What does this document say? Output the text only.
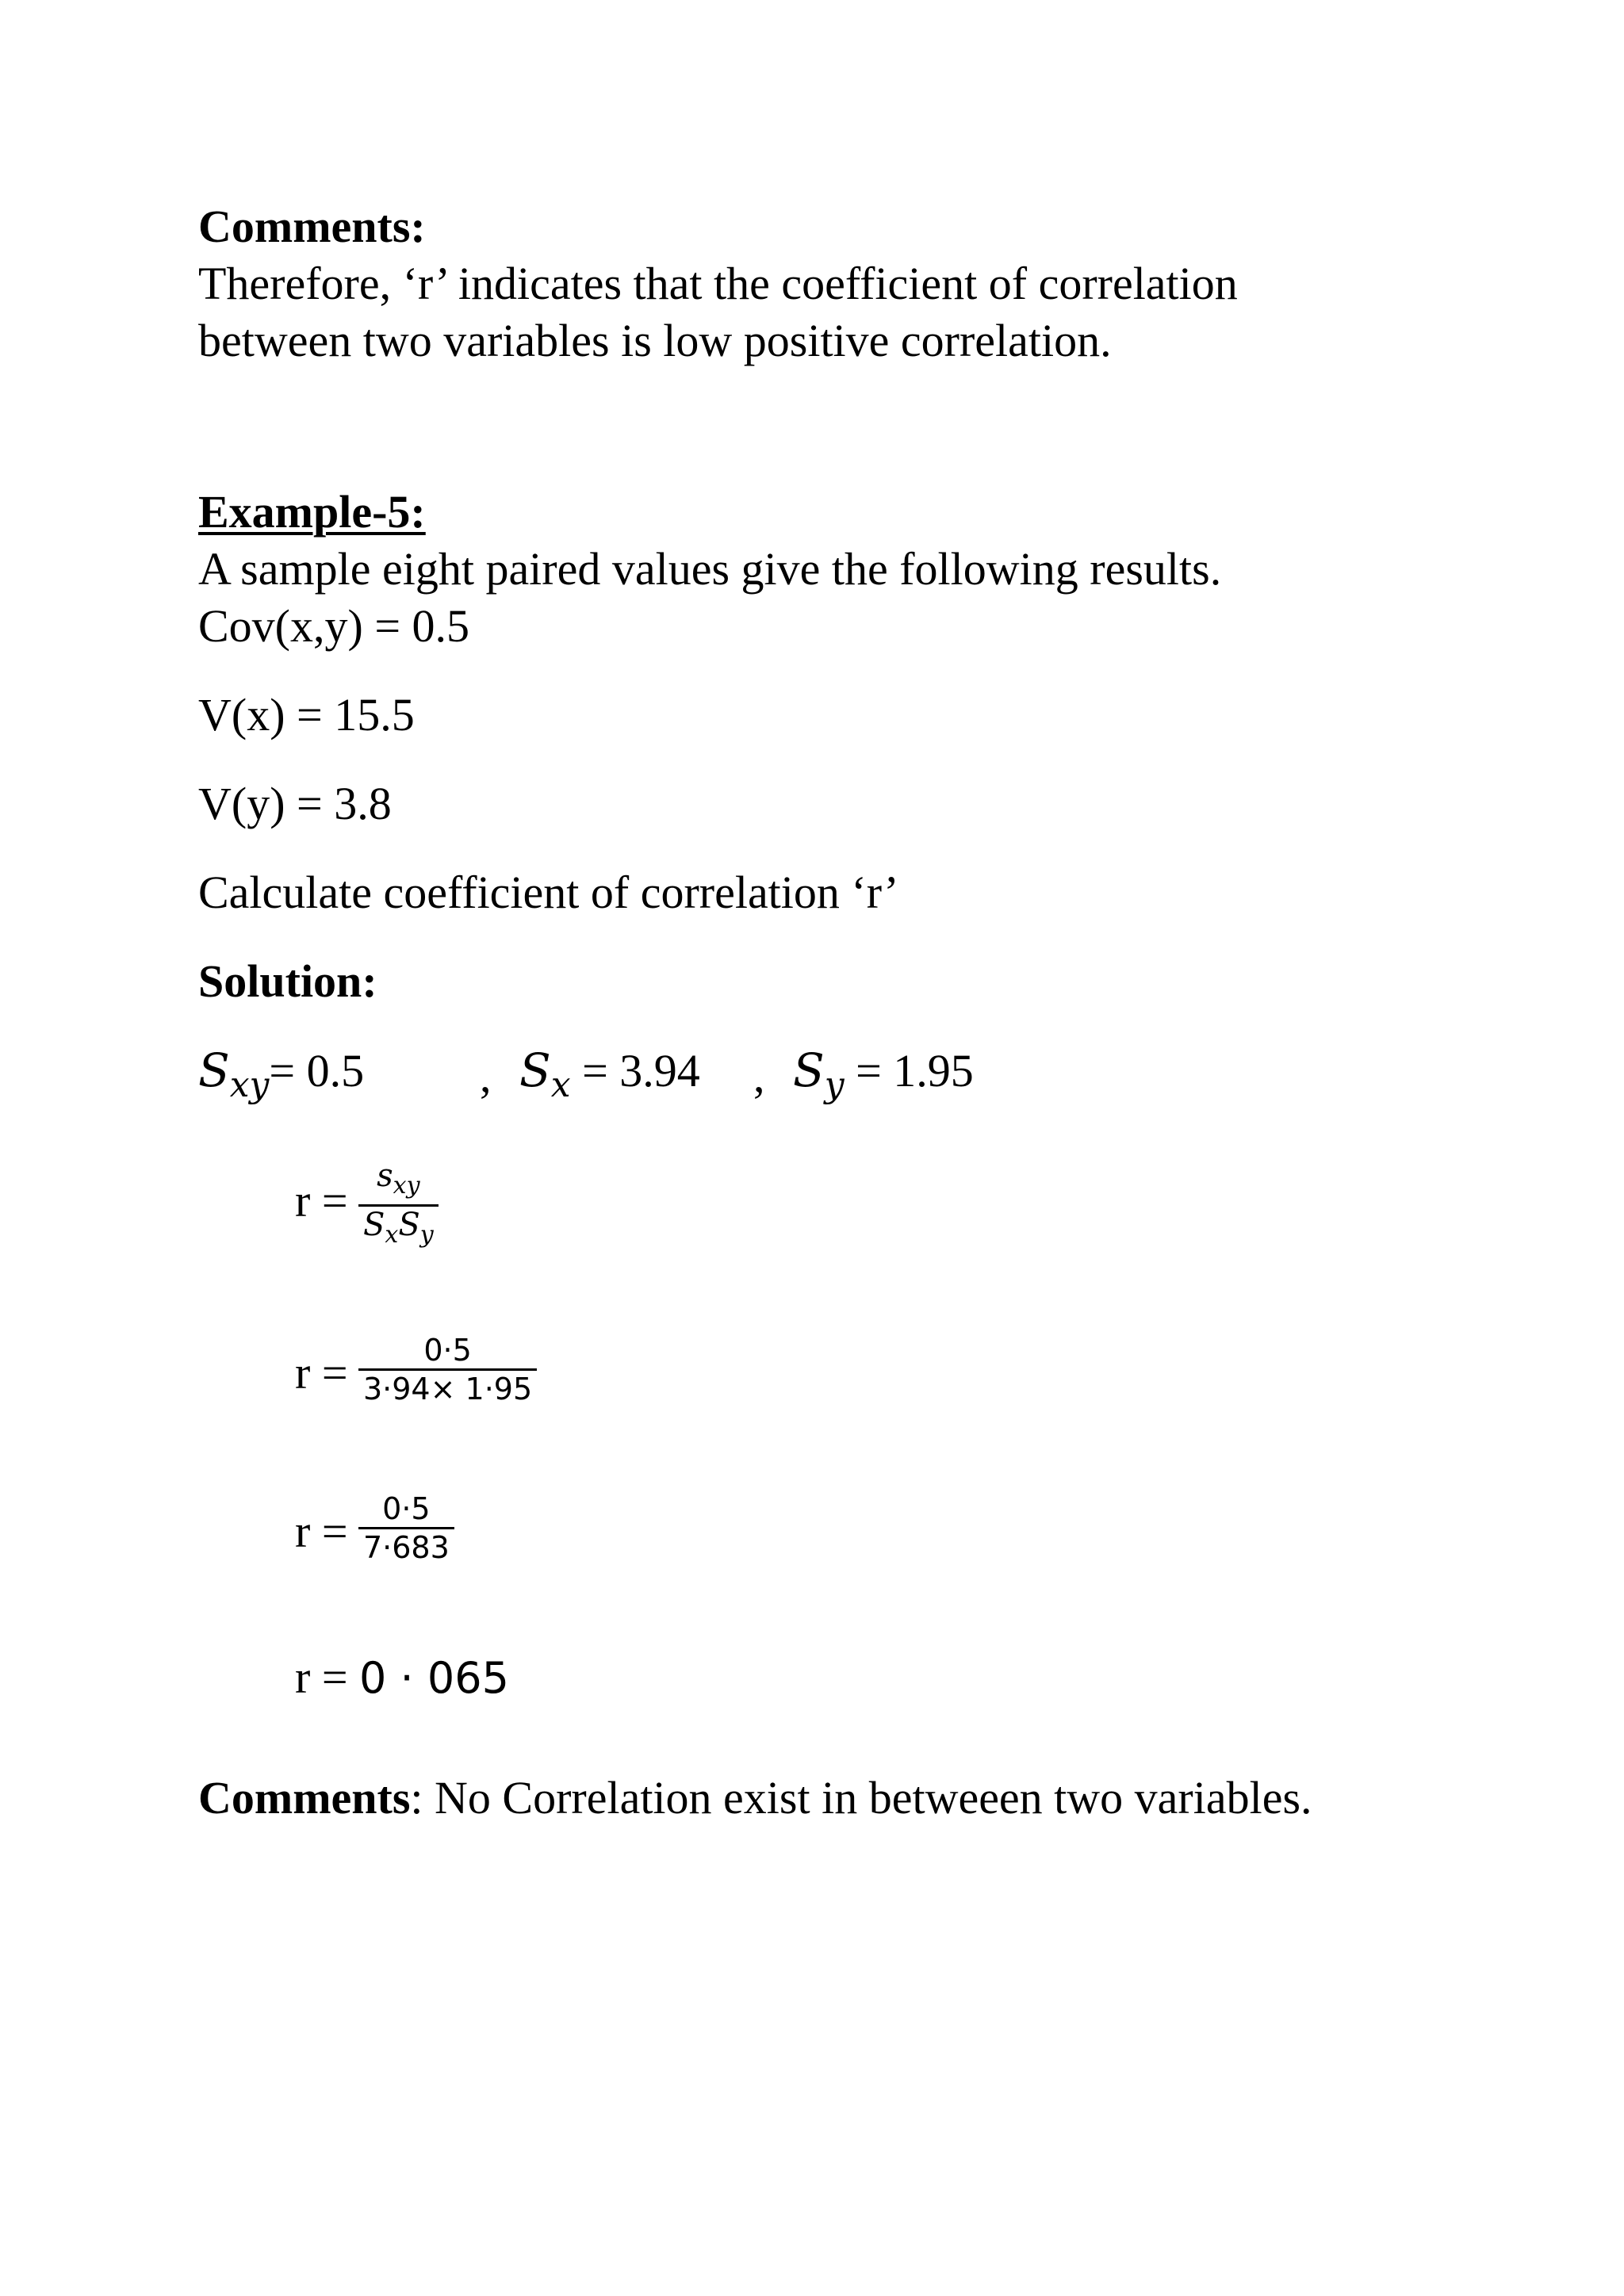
Comments:
Therefore, ‘r’ indicates that the coefficient of correlation
between two variables is low positive correlation.
Example-5:
A sample eight paired values give the following results.
Cov(x,y) = 0.5
V(x) = 15.5
V(y) = 3.8
Calculate coefficient of correlation ‘r’
Solution:
$S_{xy}= 0.5$	, $S_x = 3.94$ , $S_y = 1.95$
$r = s_{xy}$
$S_xS_y$
r =	0·5
3·94× 1·95
r = 0·5
7·683
r = 0 · 065
Comments: No Correlation exist in betweeen two variables.
